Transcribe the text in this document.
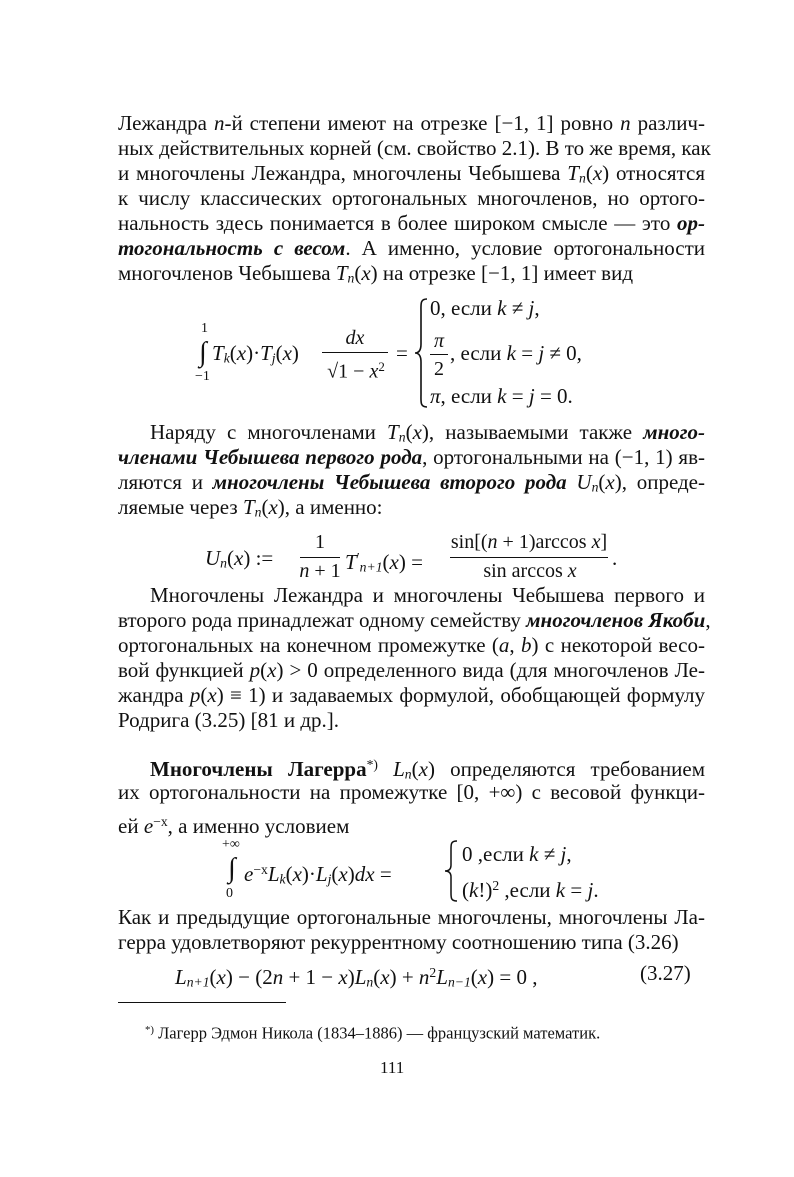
Лежандра n-й степени имеют на отрезке [−1, 1] ровно n различ-
ных действительных корней (см. свойство 2.1). В то же время, как
и многочлены Лежандра, многочлены Чебышева Tn(x) относятся
к числу классических ортогональных многочленов, но ортого-
нальность здесь понимается в более широком смысле — это ор-
тогональность с весом. А именно, условие ортогональности
многочленов Чебышева Tn(x) на отрезке [−1, 1] имеет вид
1
∫
−1
Tk(x)·Tj(x)
dx
$√1 - x^2$
=
0, если k ≠ j,
π
2
, если k = j ≠ 0,
π, если k = j = 0.
Наряду с многочленами Tn(x), называемыми также много-
членами Чебышева первого рода, ортогональными на (−1, 1) яв-
ляются и многочлены Чебышева второго рода Un(x), опреде-
ляемые через Tn(x), а именно:
Un(x) :=
1
n + 1 T′n+1(x) =
sin[(n + 1)arccos x]
sin arccos x
.
Многочлены Лежандра и многочлены Чебышева первого и
второго рода принадлежат одному семейству многочленов Якоби,
ортогональных на конечном промежутке (a, b) с некоторой весо-
вой функцией p(x) > 0 определенного вида (для многочленов Ле-
жандра p(x) ≡ 1) и задаваемых формулой, обобщающей формулу
Родрига (3.25) [81 и др.].
Многочлены Лагерра*) Ln(x) определяются требованием
их ортогональности на промежутке [0, +∞) с весовой функци-
ей $e^{-x}$, а именно условием
+∞
∫
0
$e^{-x}Lk(x)\cdot Lj(x)dx$ =
0 ,если k ≠ j,
$(k!)^2$ ,если k = j.
Как и предыдущие ортогональные многочлены, многочлены Ла-
герра удовлетворяют рекуррентному соотношению типа (3.26)
$Ln+1(x) - (2n + 1 - x)Ln(x) + n^2Ln-1(x) = 0$ ,	(3.27)
*) Лагерр Эдмон Никола (1834–1886) — французский математик.
111
